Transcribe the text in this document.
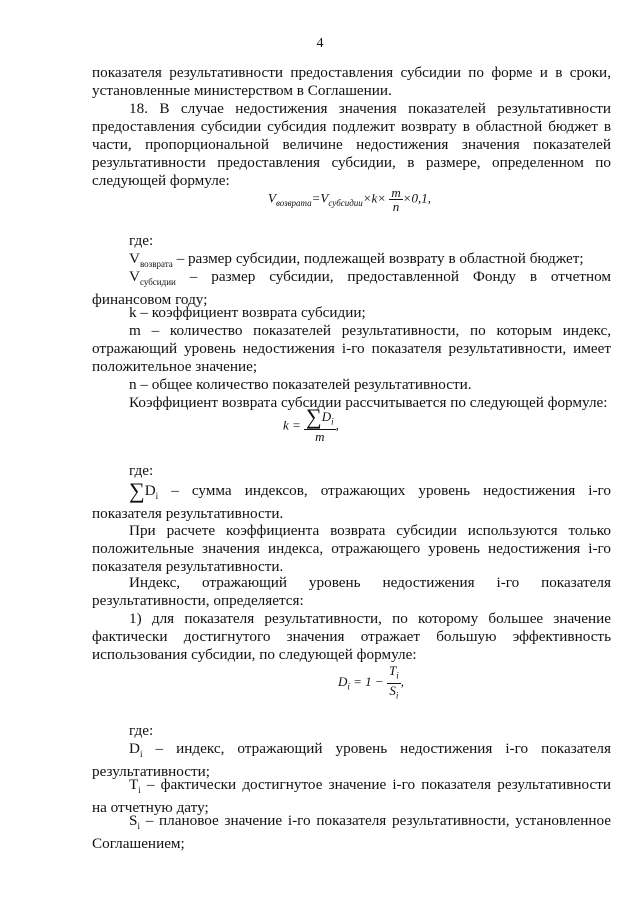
4

показателя результативности предоставления субсидии по форме и в сроки, установленные министерством в Соглашении.

18. В случае недостижения значения показателей результативности предоставления субсидии субсидия подлежит возврату в областной бюджет в части, пропорциональной величине недостижения значения показателей результативности предоставления субсидии, в размере, определенном по следующей формуле:

$V_{возврата}=V_{субсидии}\times k\times \frac{m}{n} \times 0,1$,
где:

$V_{возврата}$ – размер субсидии, подлежащей возврату в областной бюджет;

$V_{субсидии}$ – размер субсидии, предоставленной Фонду в отчетном финансовом году;

k – коэффициент возврата субсидии;

m – количество показателей результативности, по которым индекс, отражающий уровень недостижения i-го показателя результативности, имеет положительное значение;

n – общее количество показателей результативности.

Коэффициент возврата субсидии рассчитывается по следующей формуле:

$k = \frac{\sum D_i}{m}$ ,
где:

$\sum D_i$ – сумма индексов, отражающих уровень недостижения i-го показателя результативности.

При расчете коэффициента возврата субсидии используются только положительные значения индекса, отражающего уровень недостижения i-го показателя результативности.

Индекс, отражающий уровень недостижения i-го показателя результативности, определяется:

1) для показателя результативности, по которому большее значение фактически достигнутого значения отражает большую эффективность использования субсидии, по следующей формуле:

$D_i = 1 - \frac{T_i}{S_i}$ ,
где:

$D_i$ – индекс, отражающий уровень недостижения i-го показателя результативности;

$T_i$ – фактически достигнутое значение i-го показателя результативности на отчетную дату;

$S_i$ – плановое значение i-го показателя результативности, установленное Соглашением;
